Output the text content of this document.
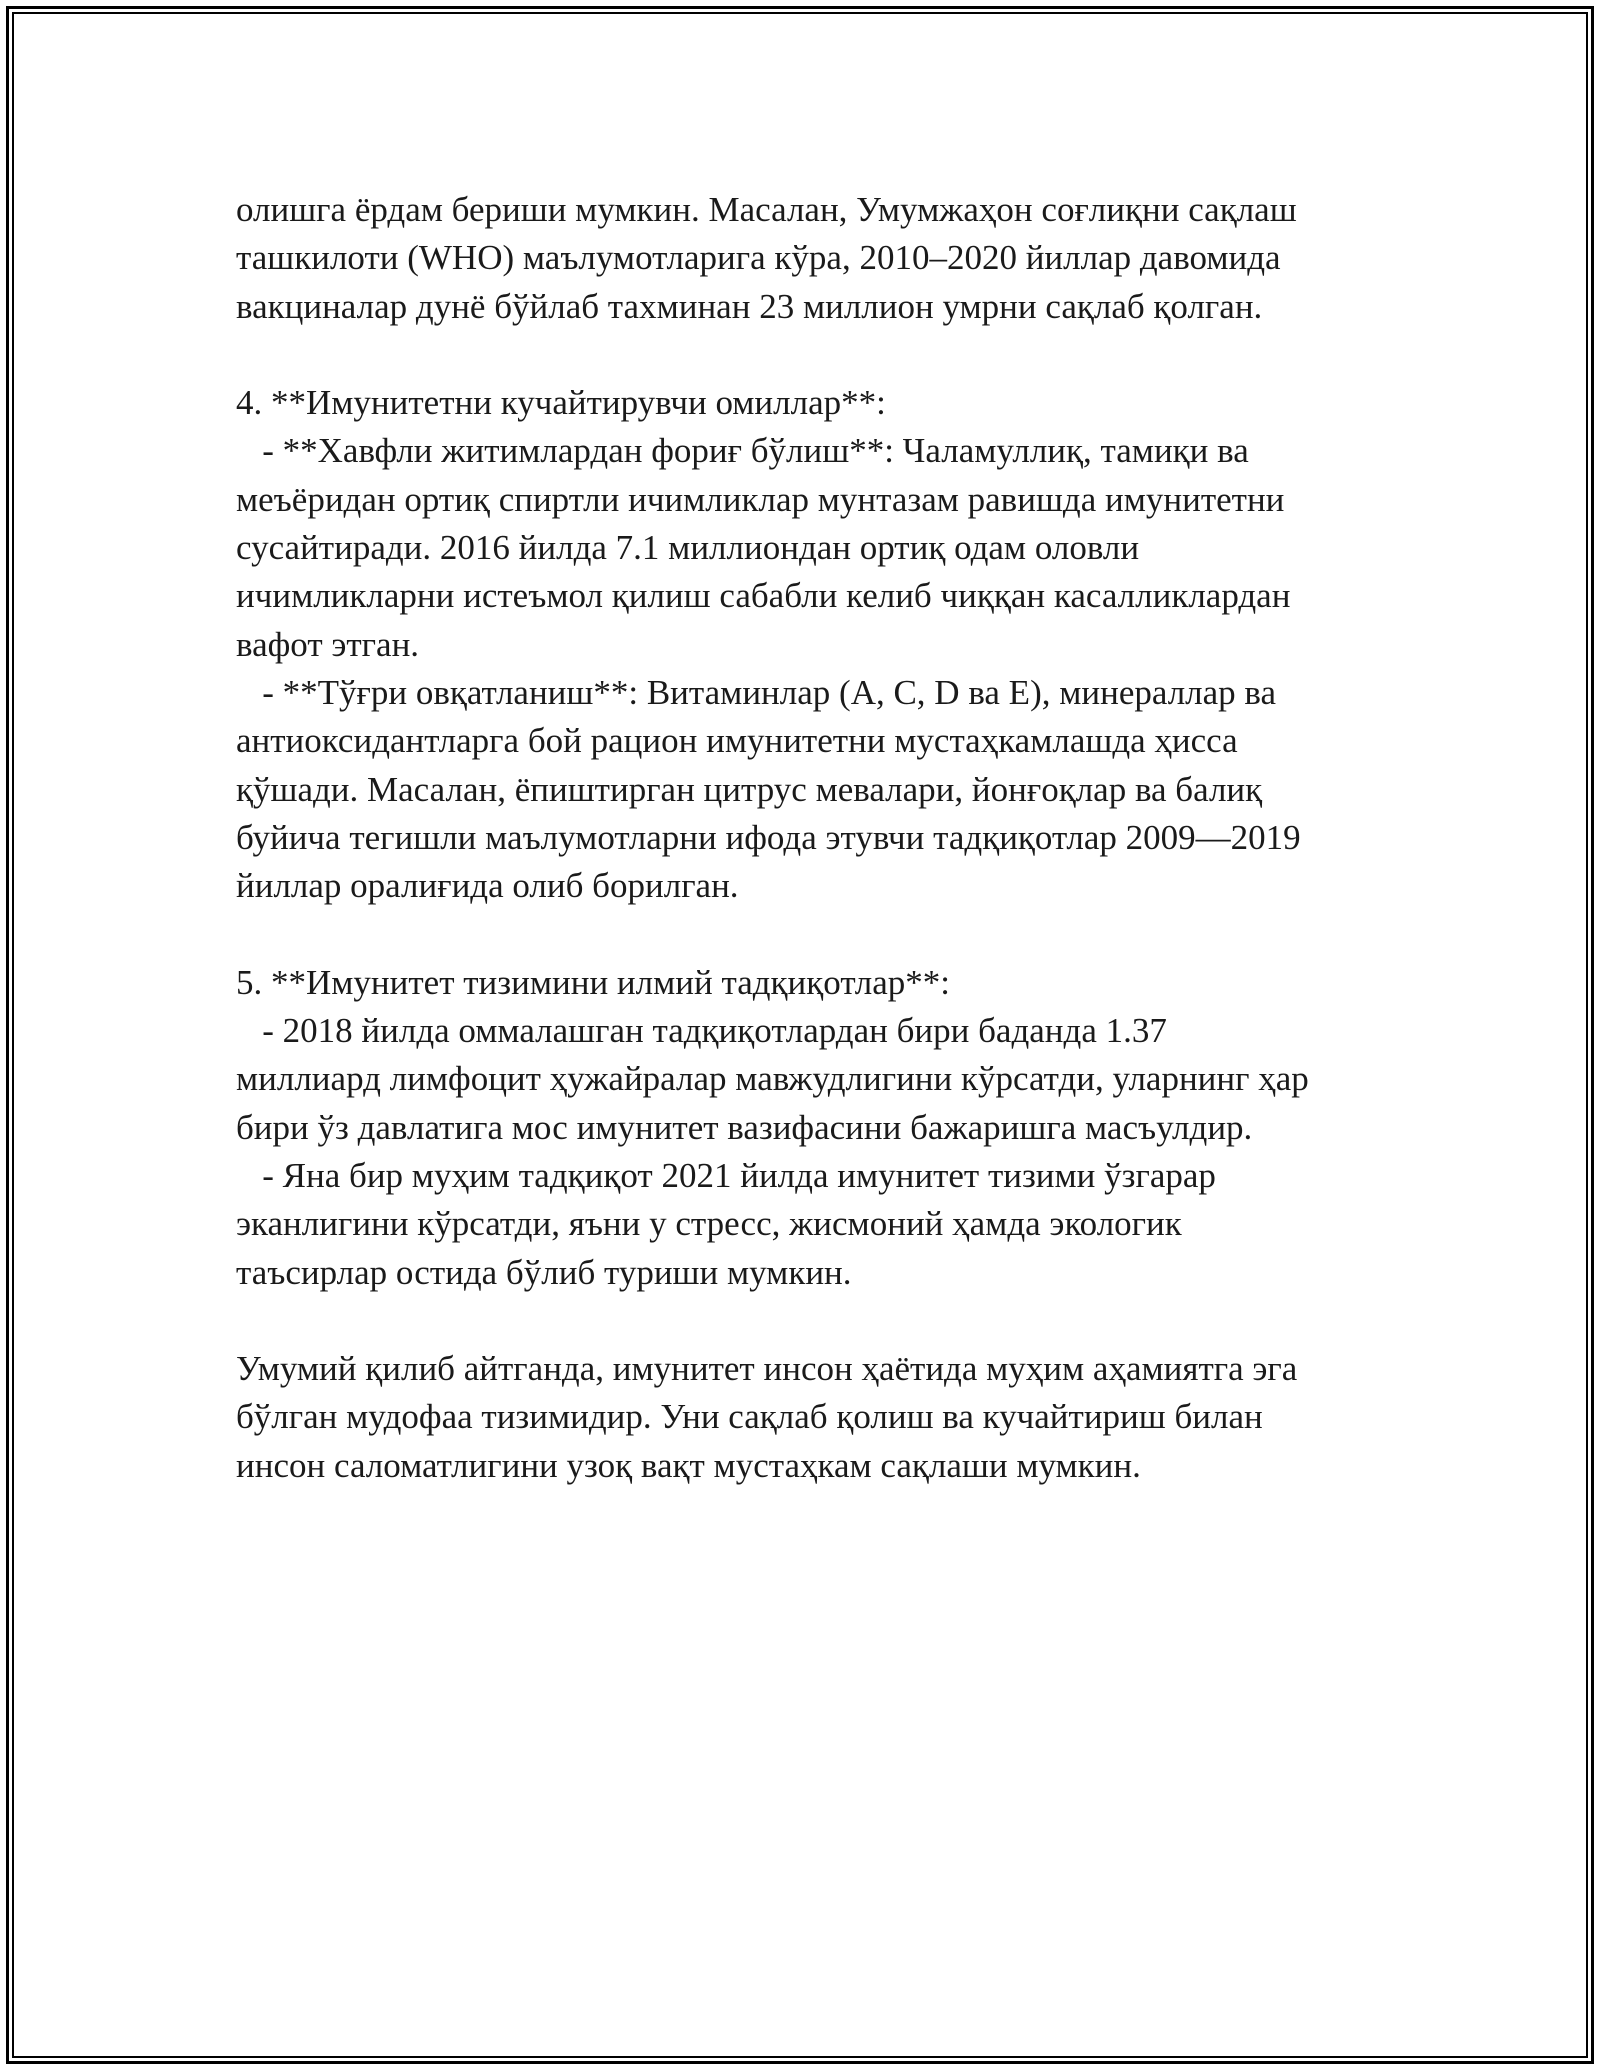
олишга ёрдам бериши мумкин. Масалан, Умумжаҳон соғлиқни сақлаш
ташкилоти (WHO) маълумотларига кўра, 2010–2020 йиллар давомида
вакциналар дунё бўйлаб тахминан 23 миллион умрни сақлаб қолган.
4. **Имунитетни кучайтирувчи омиллар**:
- **Хавфли житимлардан фориғ бўлиш**: Чаламуллиқ, тамиқи ва
меъёридан ортиқ спиртли ичимликлар мунтазам равишда имунитетни
сусайтиради. 2016 йилда 7.1 миллиондан ортиқ одам оловли
ичимликларни истеъмол қилиш сабабли келиб чиққан касалликлардан
вафот этган.
- **Тўғри овқатланиш**: Витаминлар (A, C, D ва E), минераллар ва
антиоксидантларга бой рацион имунитетни мустаҳкамлашда ҳисса
қўшади. Масалан, ёпиштирган цитрус мевалари, йонғоқлар ва балиқ
буйича тегишли маълумотларни ифода этувчи тадқиқотлар 2009—2019
йиллар оралиғида олиб борилган.
5. **Имунитет тизимини илмий тадқиқотлар**:
- 2018 йилда оммалашган тадқиқотлардан бири баданда 1.37
миллиард лимфоцит ҳужайралар мавжудлигини кўрсатди, уларнинг ҳар
бири ўз давлатига мос имунитет вазифасини бажаришга масъулдир.
- Яна бир муҳим тадқиқот 2021 йилда имунитет тизими ўзгарар
эканлигини кўрсатди, яъни у стресс, жисмоний ҳамда экологик
таъсирлар остида бўлиб туриши мумкин.
Умумий қилиб айтганда, имунитет инсон ҳаётида муҳим аҳамиятга эга
бўлган мудофаа тизимидир. Уни сақлаб қолиш ва кучайтириш билан
инсон саломатлигини узоқ вақт мустаҳкам сақлаши мумкин.
